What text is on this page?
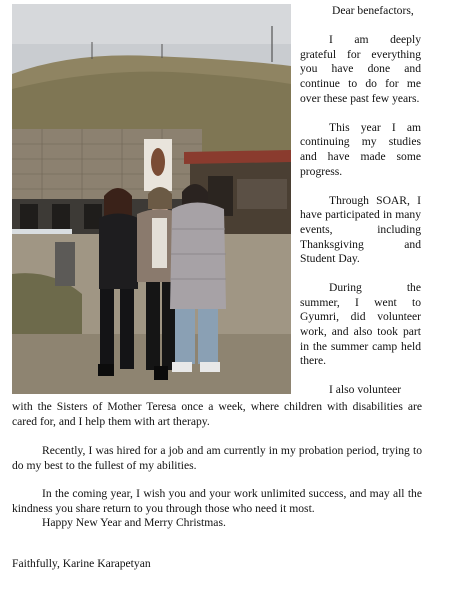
Dear benefactors,

I am deeply grateful for everything you have done and continue to do for me over these past few years.

This year I am continuing my studies and have made some progress.

Through SOAR, I have participated in many events, including Thanksgiving and Student Day.

During the summer, I went to Gyumri, did volunteer work, and also took part in the summer camp held there.

I also volunteer

with the Sisters of Mother Teresa once a week, where children with disabilities are cared for, and I help them with art therapy.

Recently, I was hired for a job and am currently in my probation period, trying to do my best to the fullest of my abilities.

In the coming year, I wish you and your work unlimited success, and may all the kindness you share return to you through those who need it most.

Happy New Year and Merry Christmas.

Faithfully, Karine Karapetyan
